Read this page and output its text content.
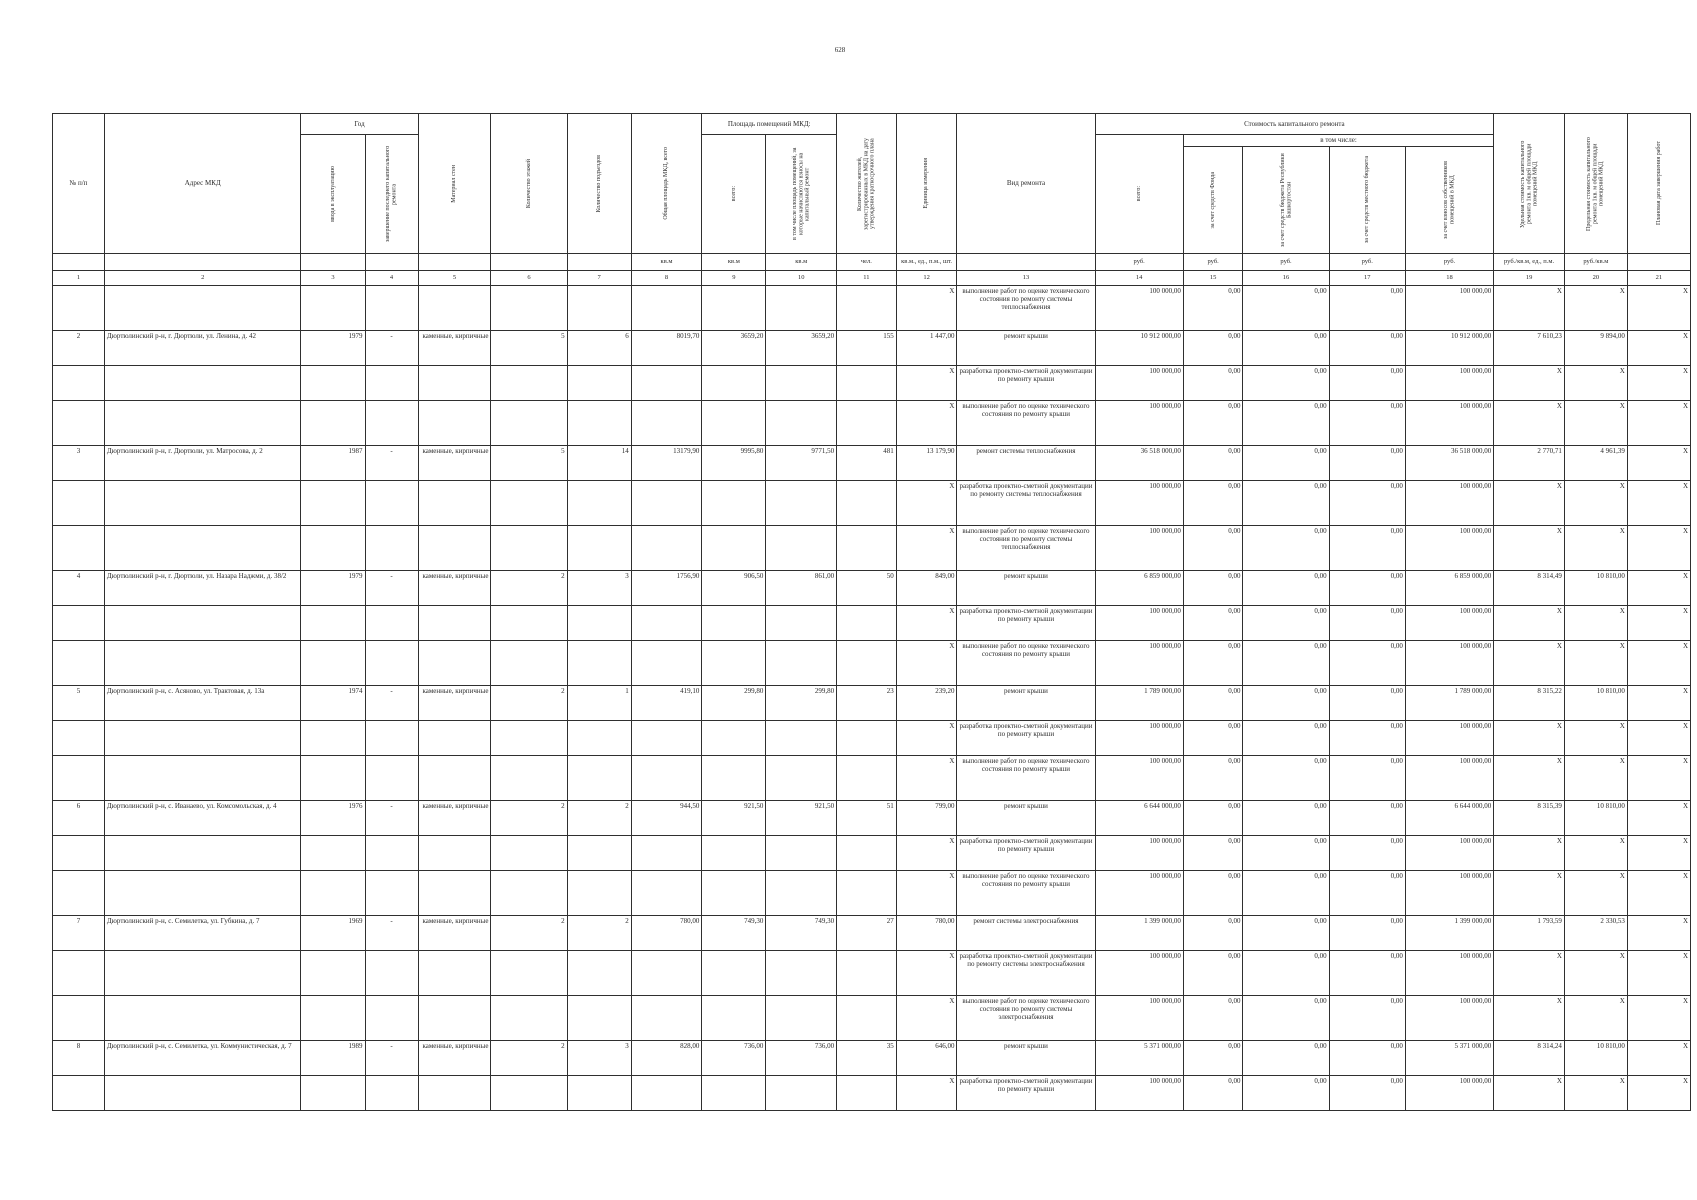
628
№ п/п	Адрес МКД	Год		Материал стен	Количество этажей	Количество подъездов	Общая площадь МКД, всего	Площадь помещений МКД:		Количество жителей, зарегистрированных в МКД на дату утверждения краткосрочного плана	Единица измерения	Вид ремонта	Стоимость капитального ремонта					Удельная стоимость капитального ремонта 1кв. м общей площади помещений МКД	Предельная стоимость капитального ремонта 1кв. м общей площади помещений МКД	Плановая дата завершения работ

		ввода в эксплуатацию	завершение последнего капитального ремонта					всего:	в том числе площадь помещений, за которые начисляются взносы на капитальный ремонт				всего:	в том числе:						

														за счет средств Фонда	за счет средств бюджета Республики Башкортостан	за счет средств местного бюджета	за счет взносов собственников помещений в МКД			

							кв.м	кв.м	кв.м	чел.	кв.м., ед., п.м., шт.		руб.	руб.	руб.	руб.	руб.	руб./кв.м, ед., п.м.	руб./кв.м	
1	2	3	4	5	6	7	8	9	10	11	12	13	14	15	16	17	18	19	20	21
											X	выполнение работ по оценке технического состояния по ремонту системы теплоснабжения	100 000,00	0,00	0,00	0,00	100 000,00	X	X	X
2	Дюртюлинский р-н, г. Дюртюли, ул. Ленина, д. 42	1979	-	каменные, кирпичные	5	6	8019,70	3659,20	3659,20	155	1 447,00	ремонт крыши	10 912 000,00	0,00	0,00	0,00	10 912 000,00	7 610,23	9 894,00	X
											X	разработка проектно-сметной документации по ремонту крыши	100 000,00	0,00	0,00	0,00	100 000,00	X	X	X
											X	выполнение работ по оценке технического состояния по ремонту крыши	100 000,00	0,00	0,00	0,00	100 000,00	X	X	X
3	Дюртюлинский р-н, г. Дюртюли, ул. Матросова, д. 2	1987	-	каменные, кирпичные	5	14	13179,90	9995,80	9771,50	481	13 179,90	ремонт системы теплоснабжения	36 518 000,00	0,00	0,00	0,00	36 518 000,00	2 770,71	4 961,39	X
											X	разработка проектно-сметной документации по ремонту системы теплоснабжения	100 000,00	0,00	0,00	0,00	100 000,00	X	X	X
											X	выполнение работ по оценке технического состояния по ремонту системы теплоснабжения	100 000,00	0,00	0,00	0,00	100 000,00	X	X	X
4	Дюртюлинский р-н, г. Дюртюли, ул. Назара Наджми, д. 38/2	1979	-	каменные, кирпичные	2	3	1756,90	906,50	861,00	50	849,00	ремонт крыши	6 859 000,00	0,00	0,00	0,00	6 859 000,00	8 314,49	10 810,00	X
											X	разработка проектно-сметной документации по ремонту крыши	100 000,00	0,00	0,00	0,00	100 000,00	X	X	X
											X	выполнение работ по оценке технического состояния по ремонту крыши	100 000,00	0,00	0,00	0,00	100 000,00	X	X	X
5	Дюртюлинский р-н, с. Асяново, ул. Трактовая, д. 13а	1974	-	каменные, кирпичные	2	1	419,10	299,80	299,80	23	239,20	ремонт крыши	1 789 000,00	0,00	0,00	0,00	1 789 000,00	8 315,22	10 810,00	X
											X	разработка проектно-сметной документации по ремонту крыши	100 000,00	0,00	0,00	0,00	100 000,00	X	X	X
											X	выполнение работ по оценке технического состояния по ремонту крыши	100 000,00	0,00	0,00	0,00	100 000,00	X	X	X
6	Дюртюлинский р-н, с. Иванаево, ул. Комсомольская, д. 4	1976	-	каменные, кирпичные	2	2	944,50	921,50	921,50	51	799,00	ремонт крыши	6 644 000,00	0,00	0,00	0,00	6 644 000,00	8 315,39	10 810,00	X
											X	разработка проектно-сметной документации по ремонту крыши	100 000,00	0,00	0,00	0,00	100 000,00	X	X	X
											X	выполнение работ по оценке технического состояния по ремонту крыши	100 000,00	0,00	0,00	0,00	100 000,00	X	X	X
7	Дюртюлинский р-н, с. Семилетка, ул. Губкина, д. 7	1969	-	каменные, кирпичные	2	2	780,00	749,30	749,30	27	780,00	ремонт системы электроснабжения	1 399 000,00	0,00	0,00	0,00	1 399 000,00	1 793,59	2 330,53	X
											X	разработка проектно-сметной документации по ремонту системы электроснабжения	100 000,00	0,00	0,00	0,00	100 000,00	X	X	X
											X	выполнение работ по оценке технического состояния по ремонту системы электроснабжения	100 000,00	0,00	0,00	0,00	100 000,00	X	X	X
8	Дюртюлинский р-н, с. Семилетка, ул. Коммунистическая, д. 7	1989	-	каменные, кирпичные	2	3	828,00	736,00	736,00	35	646,00	ремонт крыши	5 371 000,00	0,00	0,00	0,00	5 371 000,00	8 314,24	10 810,00	X
											X	разработка проектно-сметной документации по ремонту крыши	100 000,00	0,00	0,00	0,00	100 000,00	X	X	X
